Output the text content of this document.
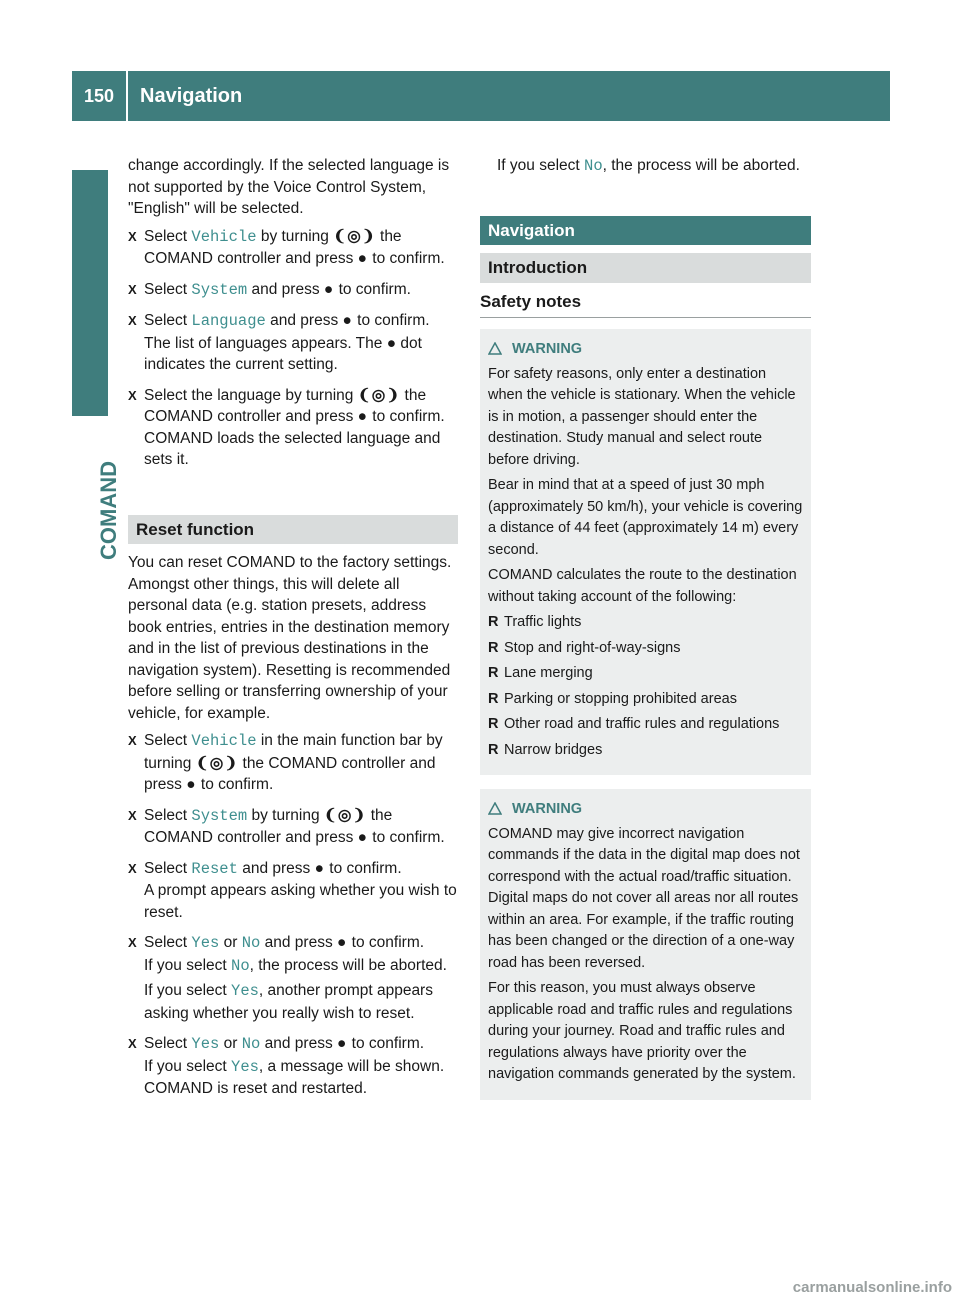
150	Navigation
COMAND

change accordingly. If the selected language is not supported by the Voice Control System, "English" will be selected.

X Select Vehicle by turning ❨◎❩ the COMAND controller and press ● to confirm.

X Select System and press ● to confirm.

X Select Language and press ● to confirm.

The list of languages appears. The ● dot indicates the current setting.

X Select the language by turning ❨◎❩ the COMAND controller and press ● to confirm.

COMAND loads the selected language and sets it.

Reset function

You can reset COMAND to the factory settings. Amongst other things, this will delete all personal data (e.g. station presets, address book entries, entries in the destination memory and in the list of previous destinations in the navigation system). Resetting is recommended before selling or transferring ownership of your vehicle, for example.

X Select Vehicle in the main function bar by turning ❨◎❩ the COMAND controller and press ● to confirm.

X Select System by turning ❨◎❩ the COMAND controller and press ● to confirm.

X Select Reset and press ● to confirm.

A prompt appears asking whether you wish to reset.

X Select Yes or No and press ● to confirm.

If you select No, the process will be aborted.

If you select Yes, another prompt appears asking whether you really wish to reset.

X Select Yes or No and press ● to confirm.

If you select Yes, a message will be shown. COMAND is reset and restarted.

If you select No, the process will be aborted.

Navigation
Introduction
Safety notes
WARNING

For safety reasons, only enter a destination when the vehicle is stationary. When the vehicle is in motion, a passenger should enter the destination. Study manual and select route before driving.

Bear in mind that at a speed of just 30 mph (approximately 50 km/h), your vehicle is covering a distance of 44 feet (approximately 14 m) every second.

COMAND calculates the route to the destination without taking account of the following:

R Traffic lights
R Stop and right-of-way-signs
R Lane merging
R Parking or stopping prohibited areas
R Other road and traffic rules and regulations
R Narrow bridges
WARNING

COMAND may give incorrect navigation commands if the data in the digital map does not correspond with the actual road/traffic situation. Digital maps do not cover all areas nor all routes within an area. For example, if the traffic routing has been changed or the direction of a one-way road has been reversed.

For this reason, you must always observe applicable road and traffic rules and regulations during your journey. Road and traffic rules and regulations always have priority over the navigation commands generated by the system.

carmanualsonline.info
